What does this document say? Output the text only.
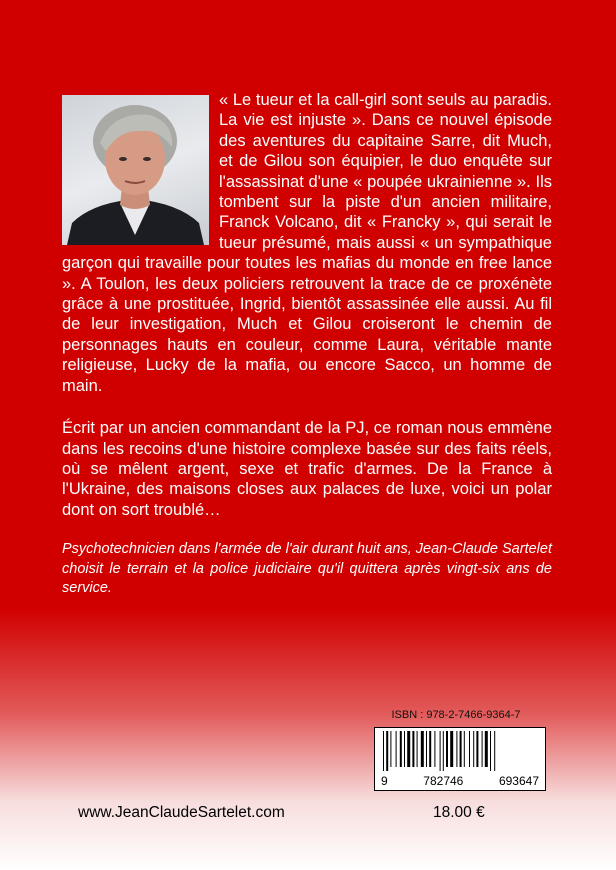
« Le tueur et la call-girl sont seuls au paradis. La vie est injuste ». Dans ce nouvel épisode des aventures du capitaine Sarre, dit Much, et de Gilou son équipier, le duo enquête sur l'assassinat d'une « poupée ukrainienne ». Ils tombent sur la piste d'un ancien militaire, Franck Volcano, dit « Francky », qui serait le tueur présumé, mais aussi « un sympathique garçon qui travaille pour toutes les mafias du monde en free lance ». A Toulon, les deux policiers retrouvent la trace de ce proxénète grâce à une prostituée, Ingrid, bientôt assassinée elle aussi. Au fil de leur investigation, Much et Gilou croiseront le chemin de personnages hauts en couleur, comme Laura, véritable mante religieuse, Lucky de la mafia, ou encore Sacco, un homme de main.

Écrit par un ancien commandant de la PJ, ce roman nous emmène dans les recoins d'une histoire complexe basée sur des faits réels, où se mêlent argent, sexe et trafic d'armes. De la France à l'Ukraine, des maisons closes aux palaces de luxe, voici un polar dont on sort troublé…

Psychotechnicien dans l'armée de l'air durant huit ans, Jean-Claude Sartelet choisit le terrain et la police judiciaire qu'il quittera après vingt-six ans de service.

ISBN : 978-2-7466-9364-7
9	782746	693647
www.JeanClaudeSartelet.com	18.00 €
